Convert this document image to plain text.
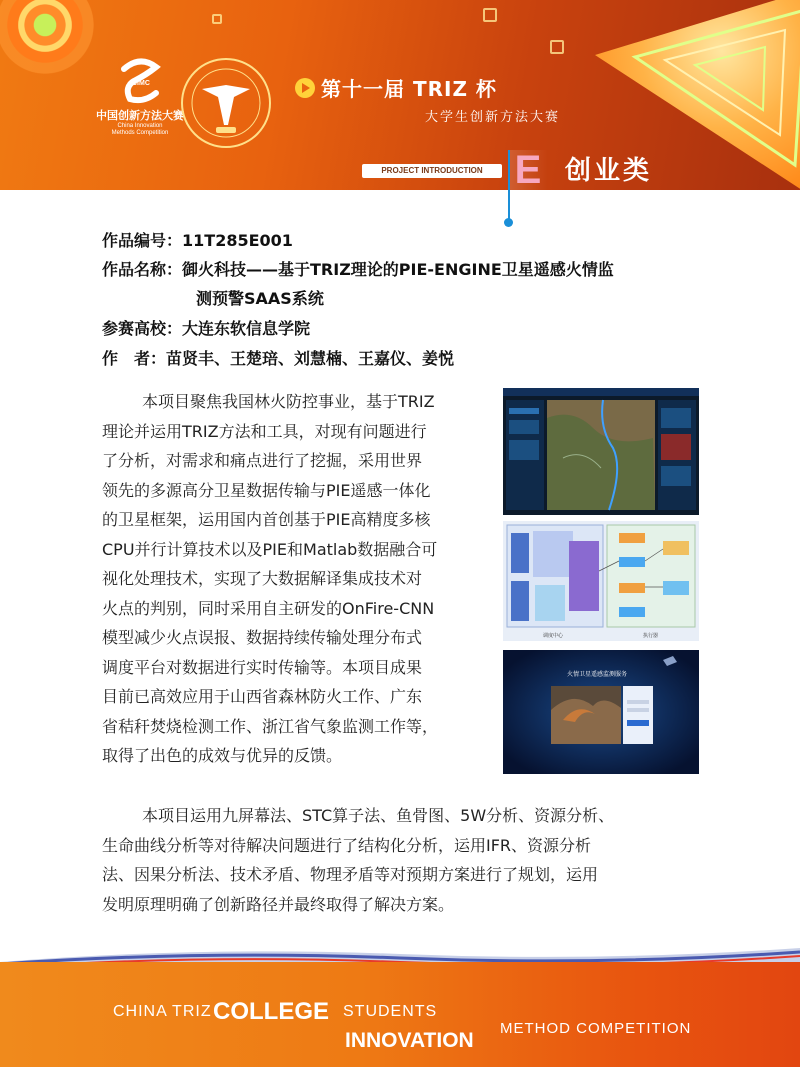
CIMC
中国创新方法大赛
China Innovation
Methods Competition
第十一届 TRIZ 杯
大学生创新方法大赛
PROJECT INTRODUCTION E 创业类
作品编号：11T285E001
作品名称：御火科技——基于TRIZ理论的PIE-ENGINE卫星遥感火情监
测预警SAAS系统
参赛高校：大连东软信息学院
作　者：苗贤丰、王楚琣、刘慧楠、王嘉仪、姜悦
本项目聚焦我国林火防控事业，基于TRIZ
理论并运用TRIZ方法和工具，对现有问题进行
了分析，对需求和痛点进行了挖掘，采用世界
领先的多源高分卫星数据传输与PIE遥感一体化
的卫星框架，运用国内首创基于PIE高精度多核
CPU并行计算技术以及PIE和Matlab数据融合可
视化处理技术，实现了大数据解译集成技术对
火点的判别，同时采用自主研发的OnFire-CNN
模型减少火点误报、数据持续传输处理分布式
调度平台对数据进行实时传输等。本项目成果
目前已高效应用于山西省森林防火工作、广东
省秸秆焚烧检测工作、浙江省气象监测工作等，
取得了出色的成效与优异的反馈。
调度中心	执行器
火情卫星遥感监测服务
本项目运用九屏幕法、STC算子法、鱼骨图、5W分析、资源分析、
生命曲线分析等对待解决问题进行了结构化分析，运用IFR、资源分析
法、因果分析法、技术矛盾、物理矛盾等对预期方案进行了规划，运用
发明原理明确了创新路径并最终取得了解决方案。
CHINA TRIZ COLLEGE STUDENTS
INNOVATION
METHOD COMPETITION
